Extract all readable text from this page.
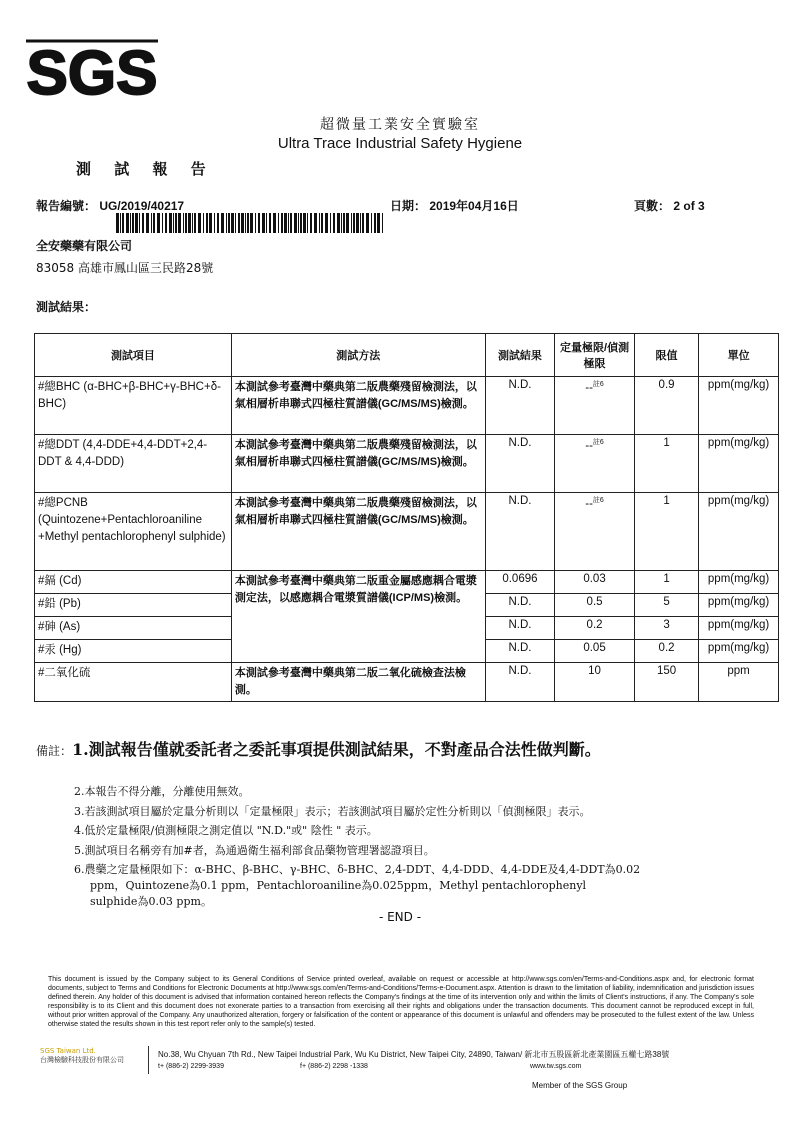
SGS
超微量工業安全實驗室
Ultra Trace Industrial Safety Hygiene
測 試 報 告
報告編號： UG/2019/40217	日期： 2019年04月16日	頁數： 2 of 3
全安藥藥有限公司
83058 高雄市鳳山區三民路28號
測試結果：
測試項目	測試方法	測試結果	定量極限/偵測極限	限值	單位
#總BHC (α-BHC+β-BHC+γ-BHC+δ-BHC)	本測試參考臺灣中藥典第二版農藥殘留檢測法，以氣相層析串聯式四極柱質譜儀(GC/MS/MS)檢測。	N.D.	--$^{註6}$	0.9	ppm(mg/kg)
#總DDT (4,4-DDE+4,4-DDT+2,4-DDT & 4,4-DDD)	本測試參考臺灣中藥典第二版農藥殘留檢測法，以氣相層析串聯式四極柱質譜儀(GC/MS/MS)檢測。	N.D.	--$^{註6}$	1	ppm(mg/kg)
#總PCNB (Quintozene+Pentachloroaniline +Methyl pentachlorophenyl sulphide)	本測試參考臺灣中藥典第二版農藥殘留檢測法，以氣相層析串聯式四極柱質譜儀(GC/MS/MS)檢測。	N.D.	--$^{註6}$	1	ppm(mg/kg)
#鎘 (Cd)	本測試參考臺灣中藥典第二版重金屬感應耦合電漿測定法，以感應耦合電漿質譜儀(ICP/MS)檢測。	0.0696	0.03	1	ppm(mg/kg)
#鉛 (Pb)		N.D.	0.5	5	ppm(mg/kg)
#砷 (As)		N.D.	0.2	3	ppm(mg/kg)
#汞 (Hg)		N.D.	0.05	0.2	ppm(mg/kg)
#二氧化硫	本測試參考臺灣中藥典第二版二氧化硫檢查法檢測。	N.D.	10	150	ppm
備註：1.測試報告僅就委託者之委託事項提供測試結果，不對產品合法性做判斷。
2.本報告不得分離，分離使用無效。
3.若該測試項目屬於定量分析則以「定量極限」表示；若該測試項目屬於定性分析則以「偵測極限」表示。
4.低於定量極限/偵測極限之測定值以 "N.D."或" 陰性 " 表示。
5.測試項目名稱旁有加#者，為通過衛生福利部食品藥物管理署認證項目。
6.農藥之定量極限如下：α-BHC、β-BHC、γ-BHC、δ-BHC、2,4-DDT、4,4-DDD、4,4-DDE及4,4-DDT為0.02
ppm，Quintozene為0.1 ppm，Pentachloroaniline為0.025ppm，Methyl pentachlorophenyl
sulphide為0.03 ppm。
- END -
This document is issued by the Company subject to its General Conditions of Service printed overleaf, available on request or accessible at http://www.sgs.com/en/Terms-and-Conditions.aspx and, for electronic format documents, subject to Terms and Conditions for Electronic Documents at http://www.sgs.com/en/Terms-and-Conditions/Terms-e-Document.aspx. Attention is drawn to the limitation of liability, indemnification and jurisdiction issues defined therein. Any holder of this document is advised that information contained hereon reflects the Company's findings at the time of its intervention only and within the limits of Client's instructions, if any. The Company's sole responsibility is to its Client and this document does not exonerate parties to a transaction from exercising all their rights and obligations under the transaction documents. This document cannot be reproduced except in full, without prior written approval of the Company. Any unauthorized alteration, forgery or falsification of the content or appearance of this document is unlawful and offenders may be prosecuted to the fullest extent of the law. Unless otherwise stated the results shown in this test report refer only to the sample(s) tested.
SGS Taiwan Ltd.
台灣檢驗科技股份有限公司
No.38, Wu Chyuan 7th Rd., New Taipei Industrial Park, Wu Ku District, New Taipei City, 24890, Taiwan/ 新北市五股區新北產業園區五權七路38號
t+ (886-2) 2299-3939	f+ (886-2) 2298 -1338	www.tw.sgs.com
Member of the SGS Group
